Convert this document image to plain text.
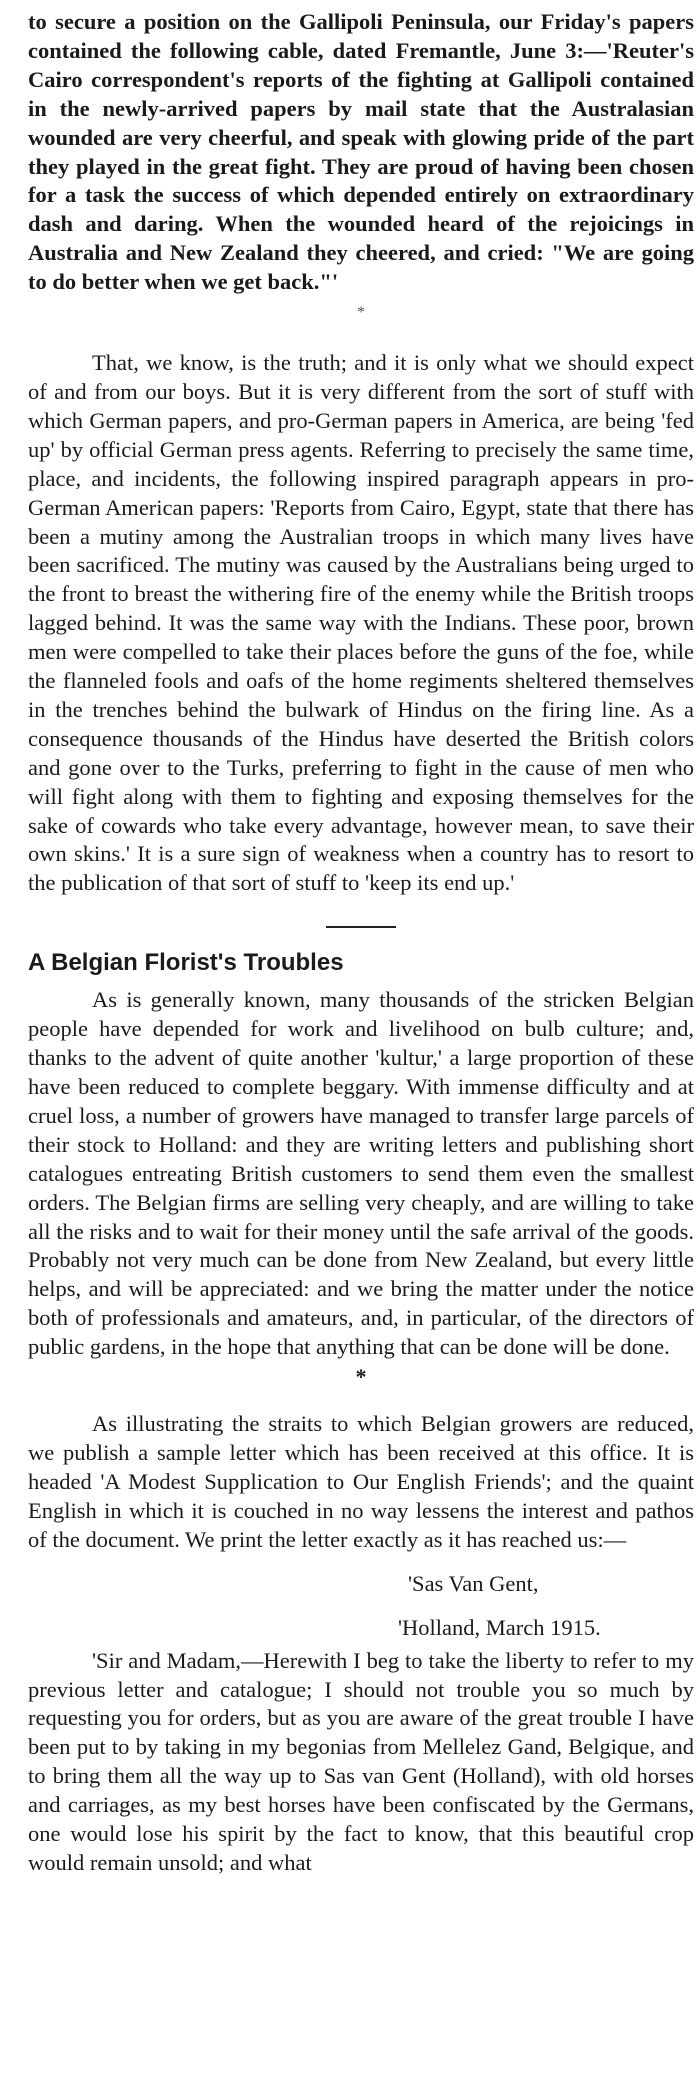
to secure a position on the Gallipoli Peninsula, our Friday's papers contained the following cable, dated Fremantle, June 3:—'Reuter's Cairo correspondent's reports of the fighting at Gallipoli contained in the newly-arrived papers by mail state that the Australasian wounded are very cheerful, and speak with glowing pride of the part they played in the great fight. They are proud of having been chosen for a task the success of which depended entirely on extraordinary dash and daring. When the wounded heard of the rejoicings in Australia and New Zealand they cheered, and cried: "We are going to do better when we get back."'

*

That, we know, is the truth; and it is only what we should expect of and from our boys. But it is very different from the sort of stuff with which German papers, and pro-German papers in America, are being 'fed up' by official German press agents. Referring to precisely the same time, place, and incidents, the following inspired paragraph appears in pro-German American papers: 'Reports from Cairo, Egypt, state that there has been a mutiny among the Australian troops in which many lives have been sacrificed. The mutiny was caused by the Australians being urged to the front to breast the withering fire of the enemy while the British troops lagged behind. It was the same way with the Indians. These poor, brown men were compelled to take their places before the guns of the foe, while the flanneled fools and oafs of the home regiments sheltered themselves in the trenches behind the bulwark of Hindus on the firing line. As a consequence thousands of the Hindus have deserted the British colors and gone over to the Turks, preferring to fight in the cause of men who will fight along with them to fighting and exposing themselves for the sake of cowards who take every advantage, however mean, to save their own skins.' It is a sure sign of weakness when a country has to resort to the publication of that sort of stuff to 'keep its end up.'

A Belgian Florist's Troubles

As is generally known, many thousands of the stricken Belgian people have depended for work and livelihood on bulb culture; and, thanks to the advent of quite another 'kultur,' a large proportion of these have been reduced to complete beggary. With immense difficulty and at cruel loss, a number of growers have managed to transfer large parcels of their stock to Holland: and they are writing letters and publishing short catalogues entreating British customers to send them even the smallest orders. The Belgian firms are selling very cheaply, and are willing to take all the risks and to wait for their money until the safe arrival of the goods. Probably not very much can be done from New Zealand, but every little helps, and will be appreciated: and we bring the matter under the notice both of professionals and amateurs, and, in particular, of the directors of public gardens, in the hope that anything that can be done will be done.

*

As illustrating the straits to which Belgian growers are reduced, we publish a sample letter which has been received at this office. It is headed 'A Modest Supplication to Our English Friends'; and the quaint English in which it is couched in no way lessens the interest and pathos of the document. We print the letter exactly as it has reached us:—

'Sas Van Gent,
'Holland, March 1915.

'Sir and Madam,—Herewith I beg to take the liberty to refer to my previous letter and catalogue; I should not trouble you so much by requesting you for orders, but as you are aware of the great trouble I have been put to by taking in my begonias from Mellelez Gand, Belgique, and to bring them all the way up to Sas van Gent (Holland), with old horses and carriages, as my best horses have been confiscated by the Germans, one would lose his spirit by the fact to know, that this beautiful crop would remain unsold; and what
